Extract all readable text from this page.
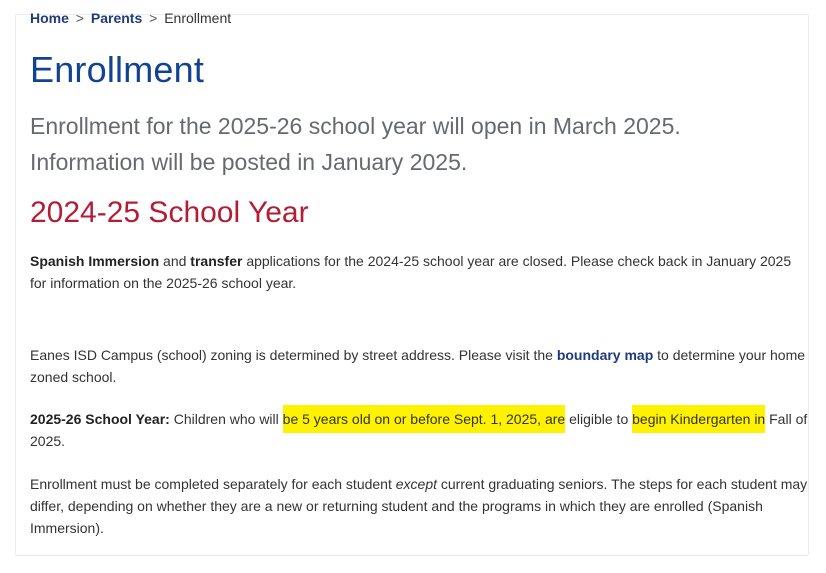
Home > Parents > Enrollment
Enrollment

Enrollment for the 2025-26 school year will open in March 2025. Information will be posted in January 2025.

2024-25 School Year

Spanish Immersion and transfer applications for the 2024-25 school year are closed. Please check back in January 2025 for information on the 2025-26 school year.

Eanes ISD Campus (school) zoning is determined by street address. Please visit the boundary map to determine your home zoned school.

2025-26 School Year: Children who will be 5 years old on or before Sept. 1, 2025, are eligible to begin Kindergarten in Fall of 2025.

Enrollment must be completed separately for each student except current graduating seniors. The steps for each student may differ, depending on whether they are a new or returning student and the programs in which they are enrolled (Spanish Immersion).
